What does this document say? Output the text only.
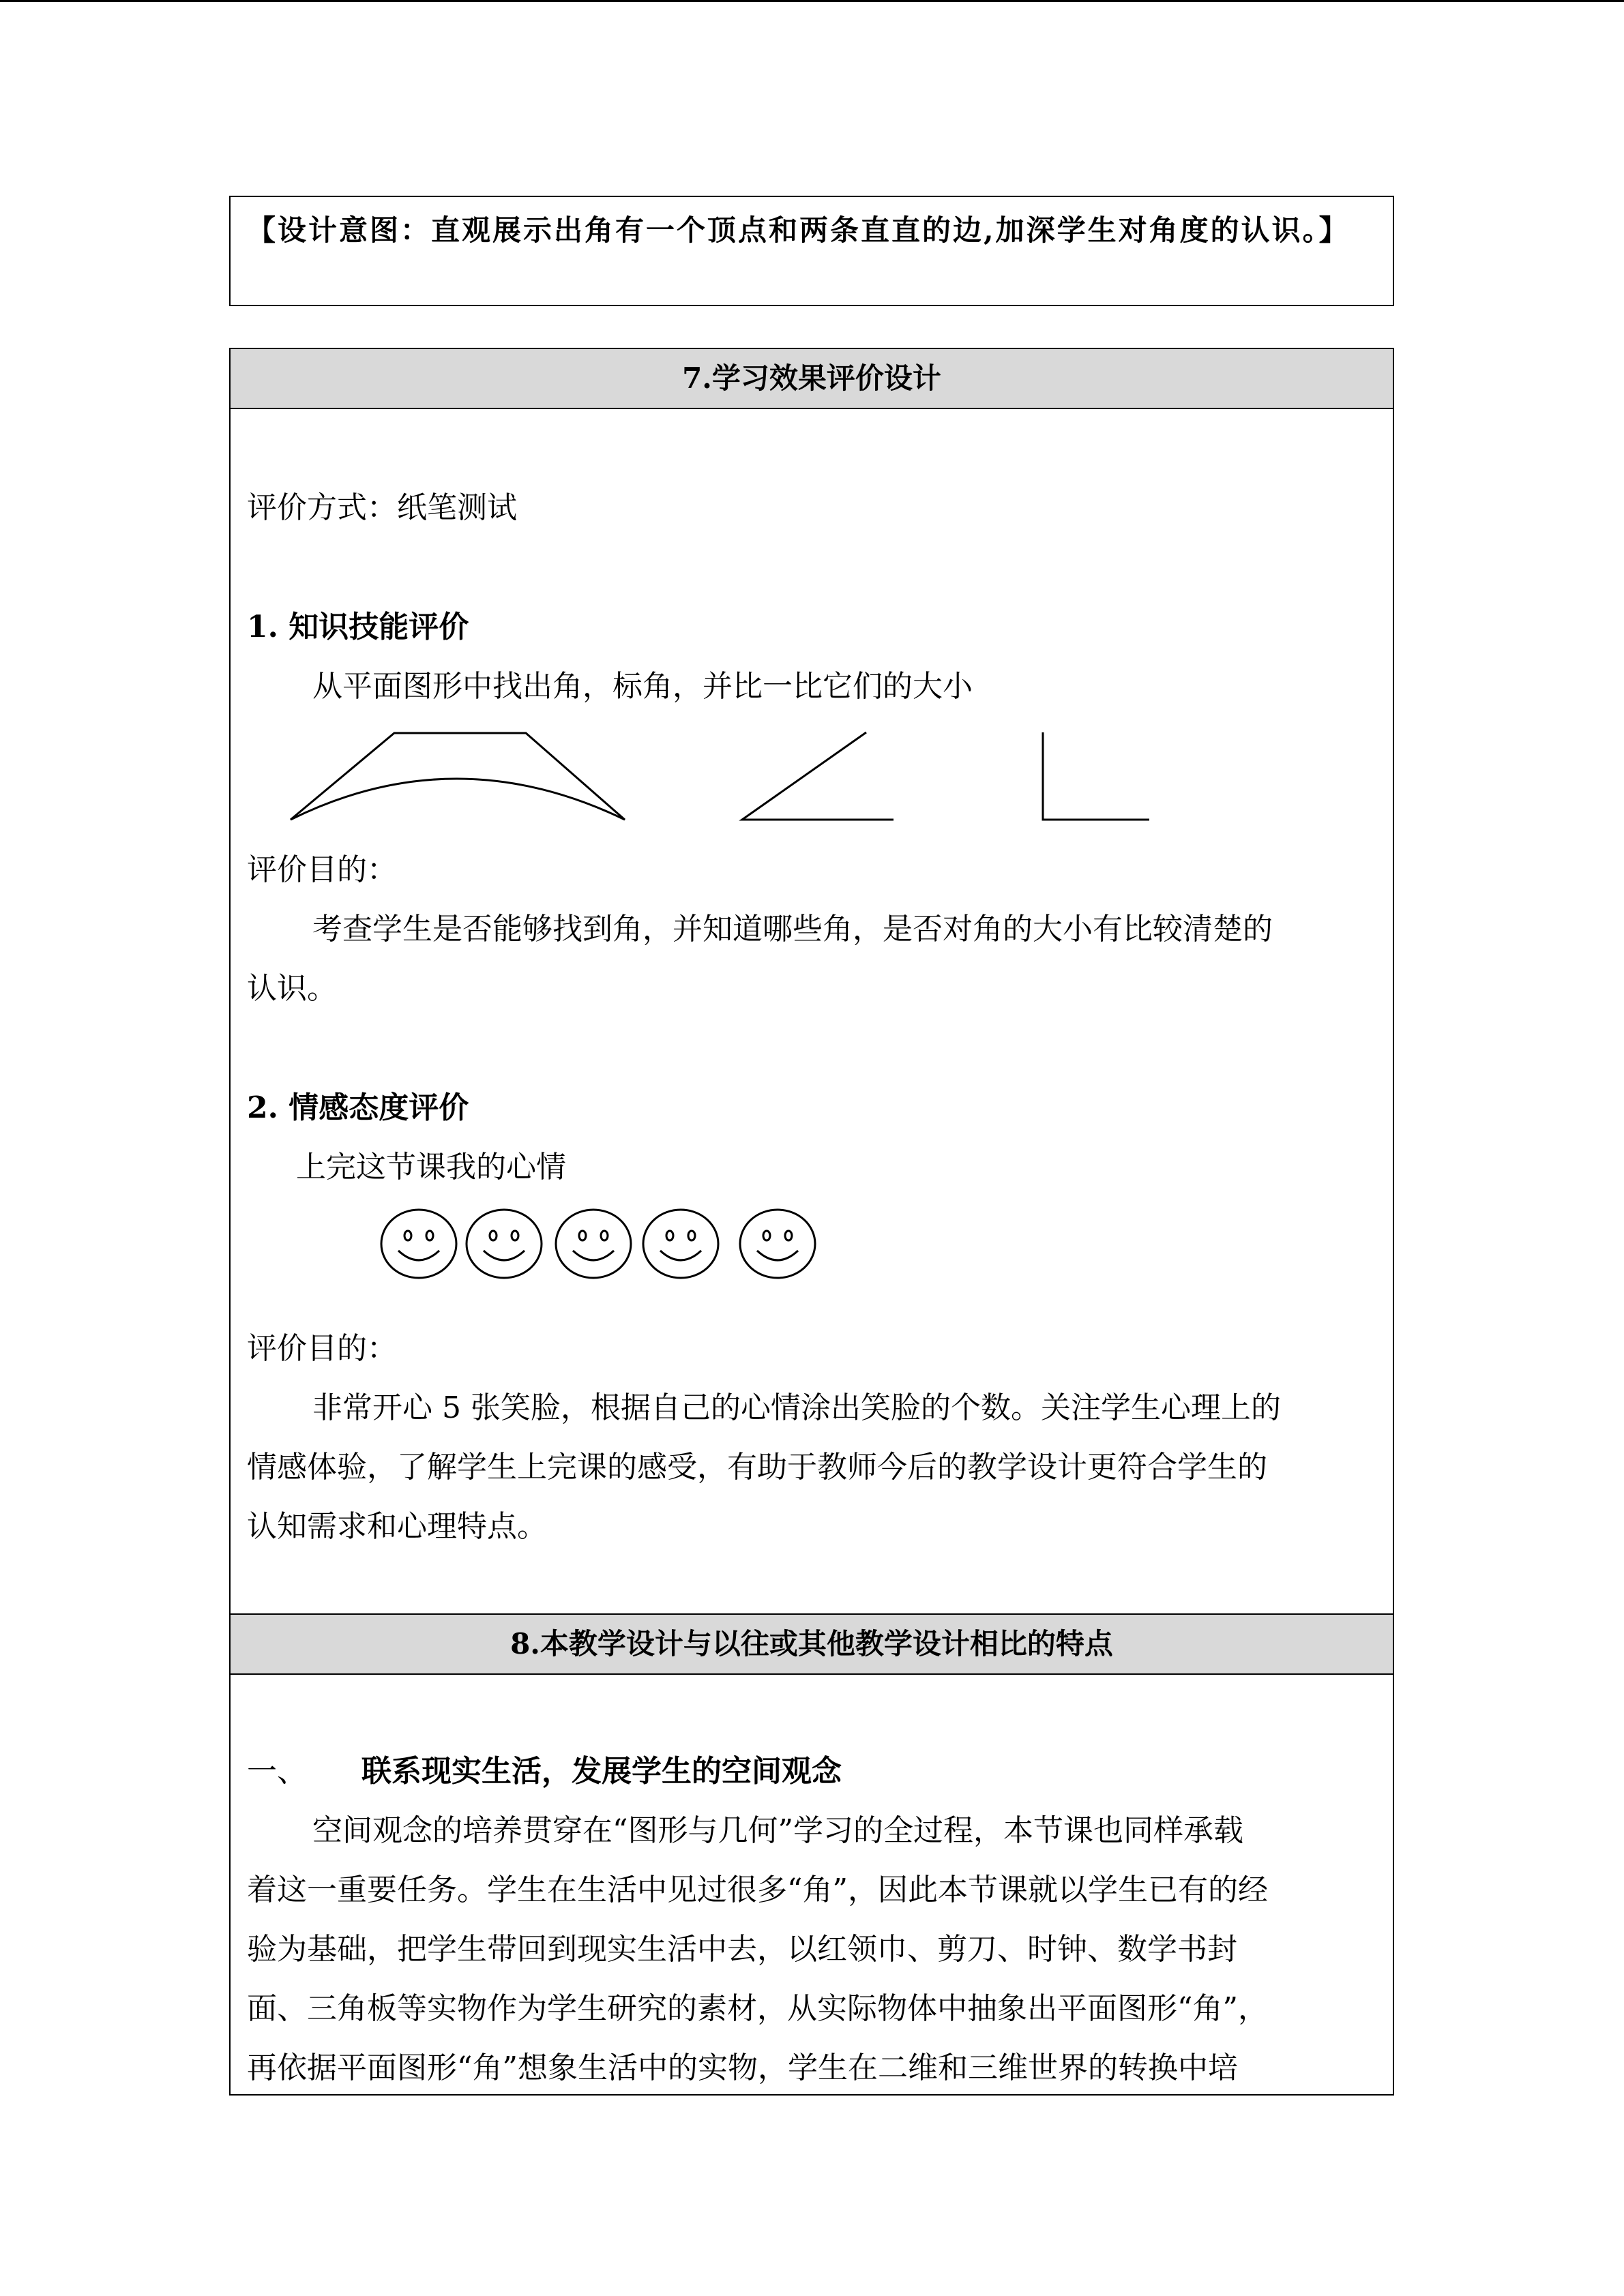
【设计意图：直观展示出角有一个顶点和两条直直的边,加深学生对角度的认识。】
7.学习效果评价设计
评价方式：纸笔测试
1. 知识技能评价
从平面图形中找出角，标角，并比一比它们的大小
评价目的：
考查学生是否能够找到角，并知道哪些角，是否对角的大小有比较清楚的
认识。
2. 情感态度评价
上完这节课我的心情
评价目的：
非常开心 5 张笑脸，根据自己的心情涂出笑脸的个数。关注学生心理上的
情感体验，了解学生上完课的感受，有助于教师今后的教学设计更符合学生的
认知需求和心理特点。
8.本教学设计与以往或其他教学设计相比的特点
一、 联系现实生活，发展学生的空间观念
空间观念的培养贯穿在“图形与几何”学习的全过程，本节课也同样承载
着这一重要任务。学生在生活中见过很多“角”，因此本节课就以学生已有的经
验为基础，把学生带回到现实生活中去，以红领巾、剪刀、时钟、数学书封
面、三角板等实物作为学生研究的素材，从实际物体中抽象出平面图形“角”，
再依据平面图形“角”想象生活中的实物，学生在二维和三维世界的转换中培
